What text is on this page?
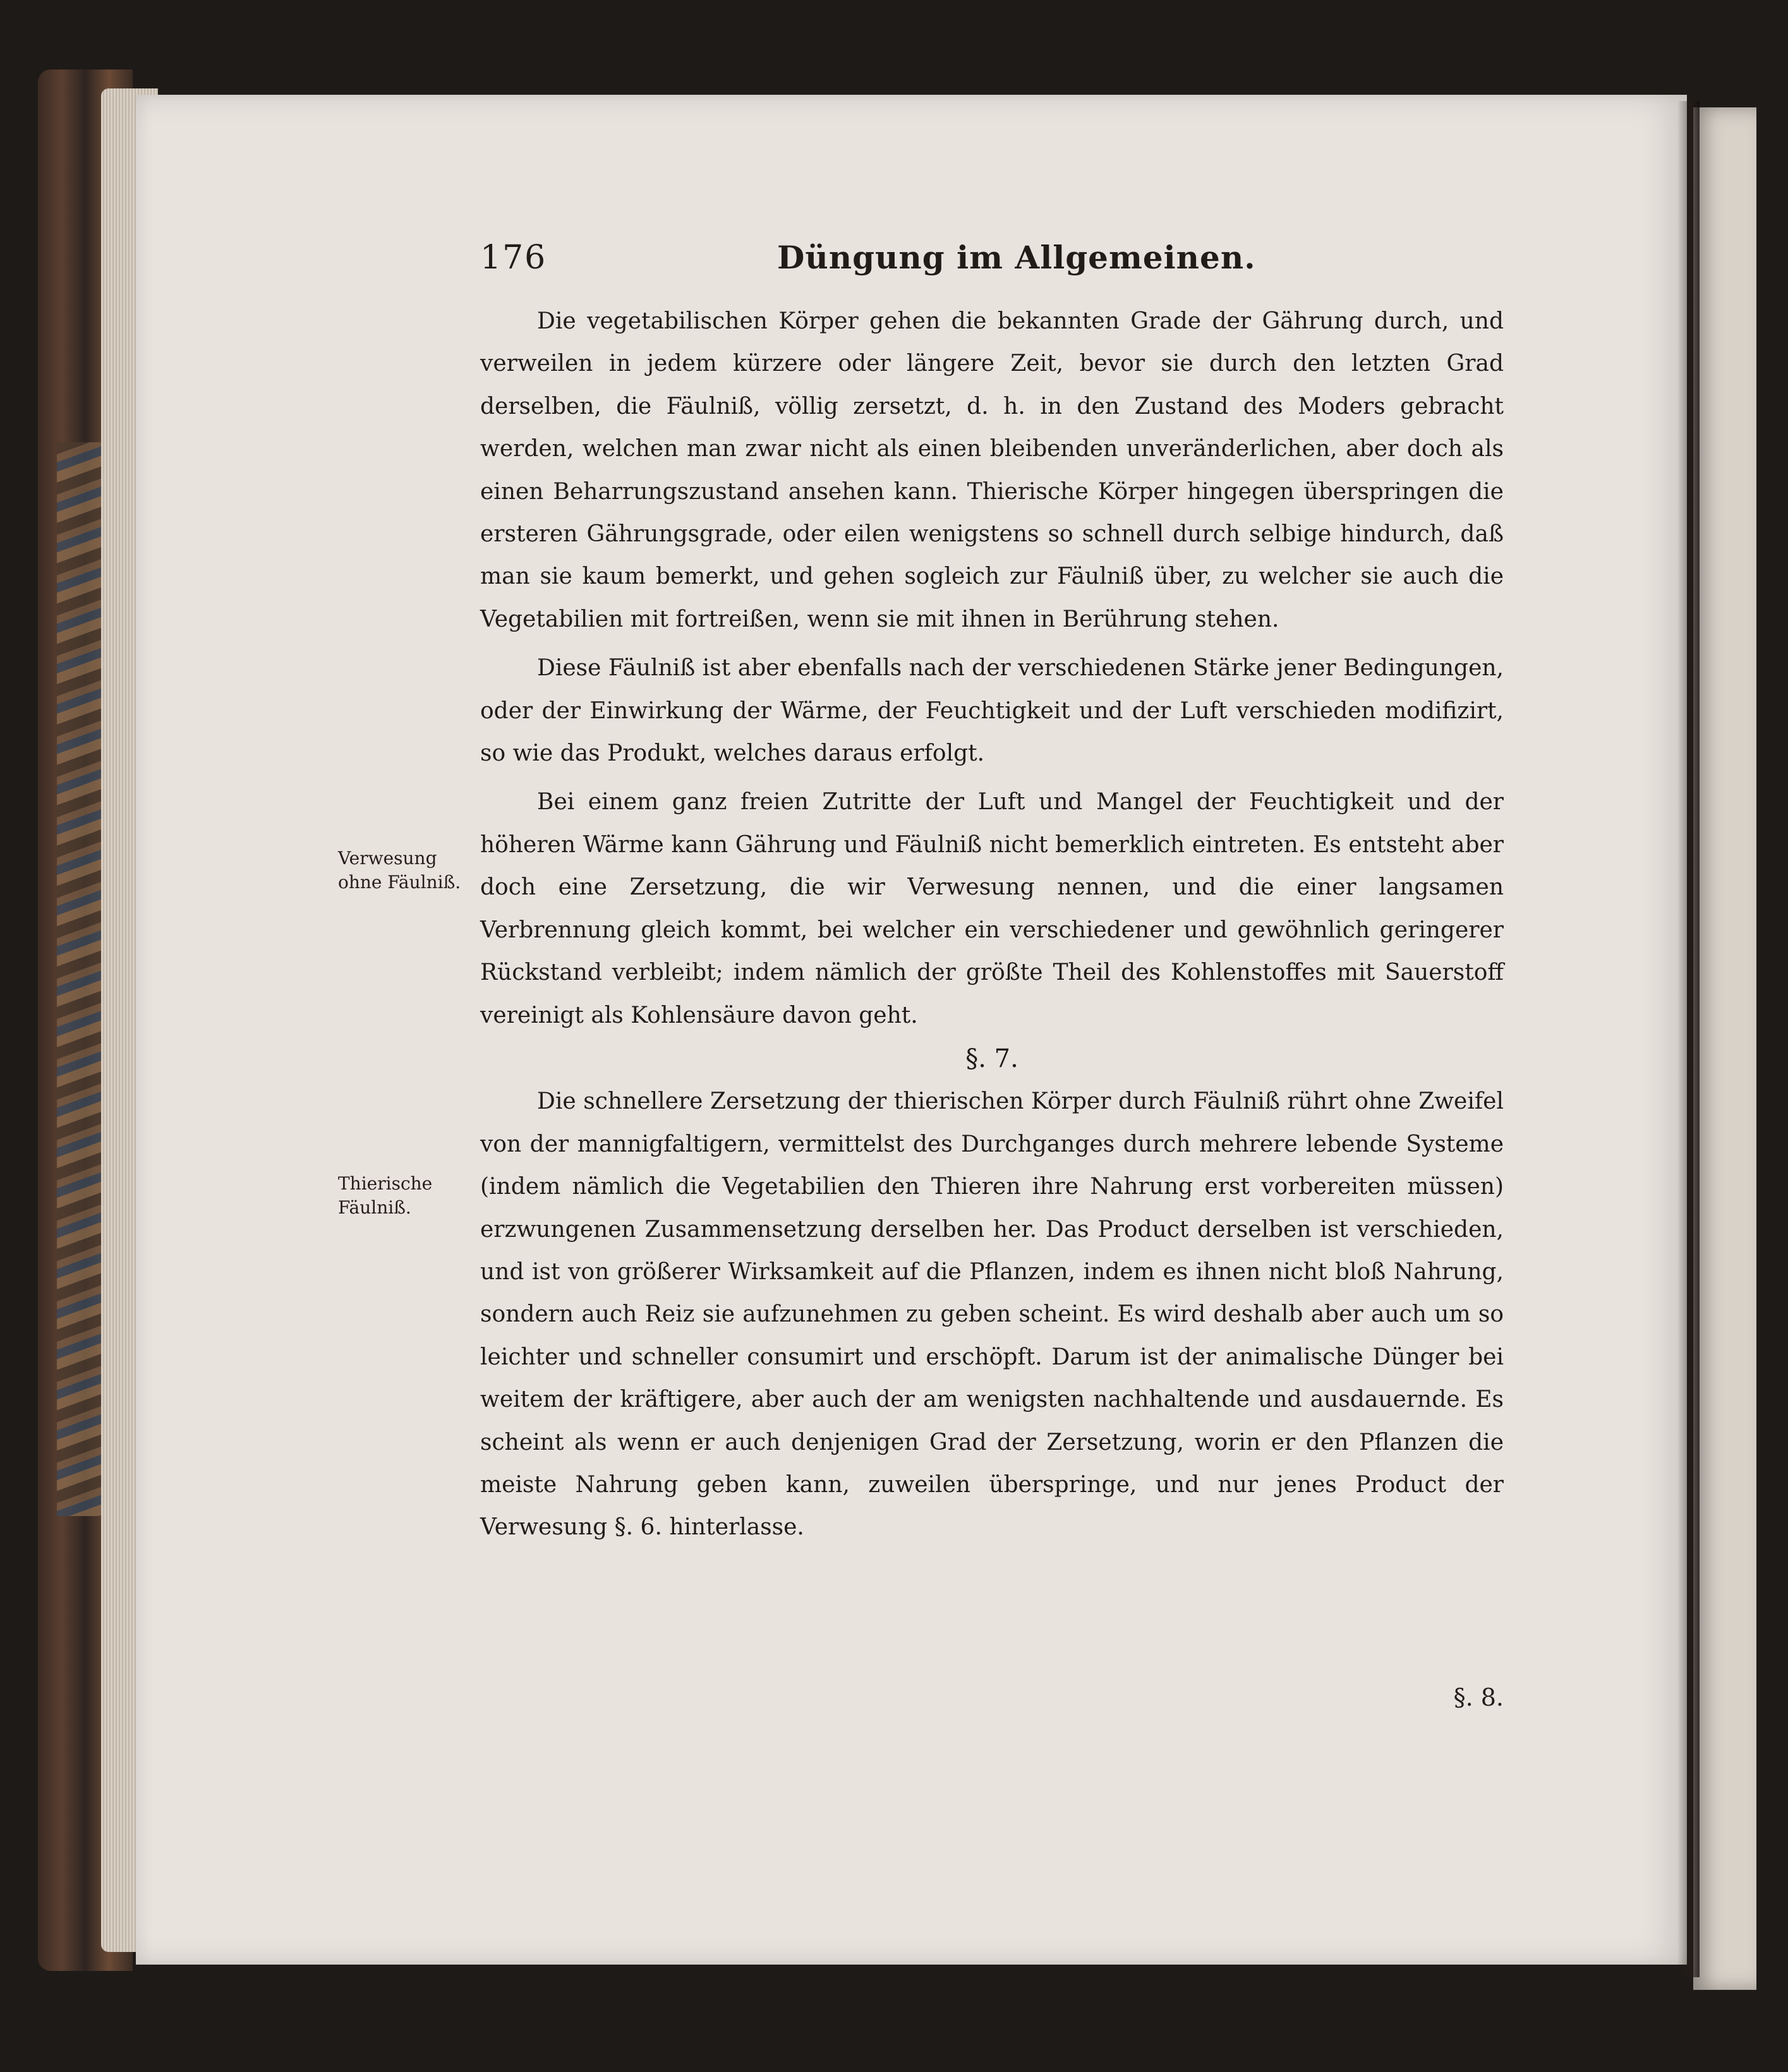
176	Düngung im Allgemeinen.
Verwesung ohne Fäulniß.
Thierische Fäulniß.

Die vegetabilischen Körper gehen die bekannten Grade der Gährung durch, und verweilen in jedem kürzere oder längere Zeit, bevor sie durch den letzten Grad derselben, die Fäulniß, völlig zersetzt, d. h. in den Zustand des Moders gebracht werden, welchen man zwar nicht als einen bleibenden unveränderlichen, aber doch als einen Beharrungszustand ansehen kann. Thierische Körper hingegen überspringen die ersteren Gährungsgrade, oder eilen wenigstens so schnell durch selbige hindurch, daß man sie kaum bemerkt, und gehen sogleich zur Fäulniß über, zu welcher sie auch die Vegetabilien mit fortreißen, wenn sie mit ihnen in Berührung stehen.

Diese Fäulniß ist aber ebenfalls nach der verschiedenen Stärke jener Bedingungen, oder der Einwirkung der Wärme, der Feuchtigkeit und der Luft verschieden modifizirt, so wie das Produkt, welches daraus erfolgt.

Bei einem ganz freien Zutritte der Luft und Mangel der Feuchtigkeit und der höheren Wärme kann Gährung und Fäulniß nicht bemerklich eintreten. Es entsteht aber doch eine Zersetzung, die wir Verwesung nennen, und die einer langsamen Verbrennung gleich kommt, bei welcher ein verschiedener und gewöhnlich geringerer Rückstand verbleibt; indem nämlich der größte Theil des Kohlenstoffes mit Sauerstoff vereinigt als Kohlensäure davon geht.

§. 7.

Die schnellere Zersetzung der thierischen Körper durch Fäulniß rührt ohne Zweifel von der mannigfaltigern, vermittelst des Durchganges durch mehrere lebende Systeme (indem nämlich die Vegetabilien den Thieren ihre Nahrung erst vorbereiten müssen) erzwungenen Zusammensetzung derselben her. Das Product derselben ist verschieden, und ist von größerer Wirksamkeit auf die Pflanzen, indem es ihnen nicht bloß Nahrung, sondern auch Reiz sie aufzunehmen zu geben scheint. Es wird deshalb aber auch um so leichter und schneller consumirt und erschöpft. Darum ist der animalische Dünger bei weitem der kräftigere, aber auch der am wenigsten nachhaltende und ausdauernde. Es scheint als wenn er auch denjenigen Grad der Zersetzung, worin er den Pflanzen die meiste Nahrung geben kann, zuweilen überspringe, und nur jenes Product der Verwesung §. 6. hinterlasse.

§. 8.
